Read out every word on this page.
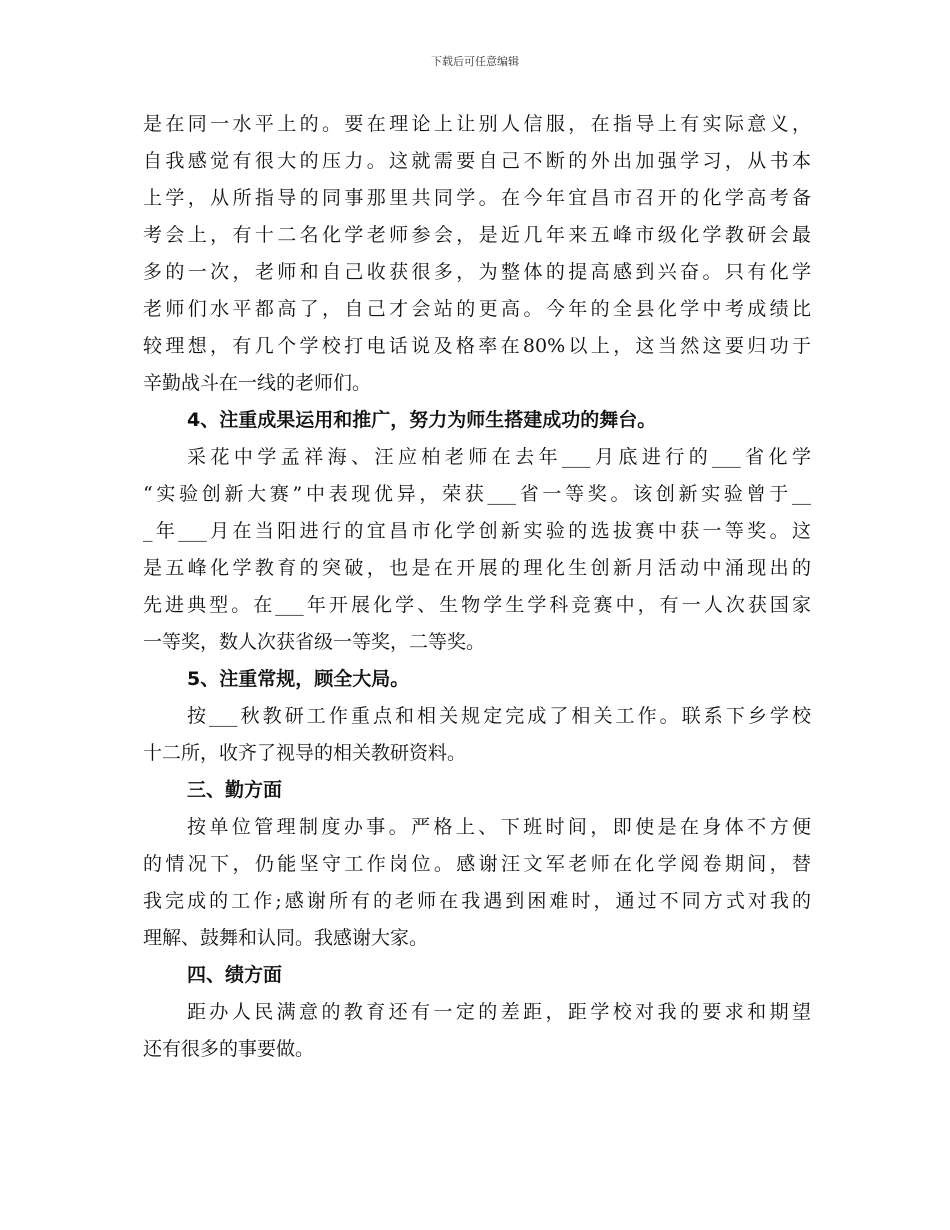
下载后可任意编辑
是在同一水平上的。要在理论上让别人信服，在指导上有实际意义，
自我感觉有很大的压力。这就需要自己不断的外出加强学习，从书本
上学，从所指导的同事那里共同学。在今年宜昌市召开的化学高考备
考会上，有十二名化学老师参会，是近几年来五峰市级化学教研会最
多的一次，老师和自己收获很多，为整体的提高感到兴奋。只有化学
老师们水平都高了，自己才会站的更高。今年的全县化学中考成绩比
较理想，有几个学校打电话说及格率在80%以上，这当然这要归功于
辛勤战斗在一线的老师们。
4、注重成果运用和推广，努力为师生搭建成功的舞台。
采花中学孟祥海、汪应柏老师在去年___月底进行的___省化学
“实验创新大赛”中表现优异，荣获___省一等奖。该创新实验曾于__
_年___月在当阳进行的宜昌市化学创新实验的选拔赛中获一等奖。这
是五峰化学教育的突破，也是在开展的理化生创新月活动中涌现出的
先进典型。在___年开展化学、生物学生学科竞赛中，有一人次获国家
一等奖，数人次获省级一等奖，二等奖。
5、注重常规，顾全大局。
按___秋教研工作重点和相关规定完成了相关工作。联系下乡学校
十二所，收齐了视导的相关教研资料。
三、勤方面
按单位管理制度办事。严格上、下班时间，即使是在身体不方便
的情况下，仍能坚守工作岗位。感谢汪文军老师在化学阅卷期间，替
我完成的工作;感谢所有的老师在我遇到困难时，通过不同方式对我的
理解、鼓舞和认同。我感谢大家。
四、绩方面
距办人民满意的教育还有一定的差距，距学校对我的要求和期望
还有很多的事要做。
